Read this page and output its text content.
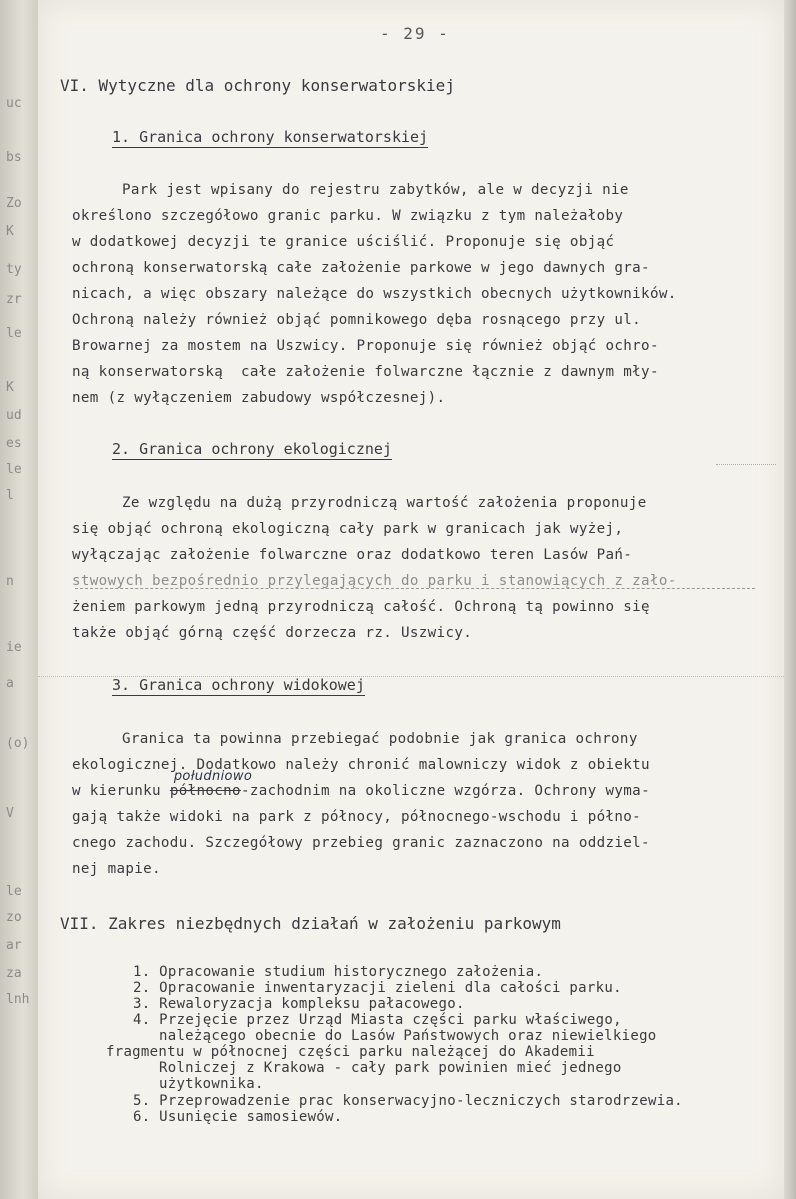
uc
bs
Zo
K
ty
zr
le
K
ud
es
le
l
n
ie
a
(o)
V
le
zo
ar
za
lnh
- 29 -
VI. Wytyczne dla ochrony konserwatorskiej
1. Granica ochrony konserwatorskiej
Park jest wpisany do rejestru zabytków, ale w decyzji nie
określono szczegółowo granic parku. W związku z tym należałoby
w dodatkowej decyzji te granice uściślić. Proponuje się objąć
ochroną konserwatorską całe założenie parkowe w jego dawnych gra-
nicach, a więc obszary należące do wszystkich obecnych użytkowników.
Ochroną należy również objąć pomnikowego dęba rosnącego przy ul.
Browarnej za mostem na Uszwicy. Proponuje się również objąć ochro-
ną konserwatorską  całe założenie folwarczne łącznie z dawnym mły-
nem (z wyłączeniem zabudowy współczesnej).
2. Granica ochrony ekologicznej
Ze względu na dużą przyrodniczą wartość założenia proponuje
się objąć ochroną ekologiczną cały park w granicach jak wyżej,
wyłączając założenie folwarczne oraz dodatkowo teren Lasów Pań-
stwowych bezpośrednio przylegających do parku i stanowiących z zało-
żeniem parkowym jedną przyrodniczą całość. Ochroną tą powinno się
także objąć górną część dorzecza rz. Uszwicy.
3. Granica ochrony widokowej
Granica ta powinna przebiegać podobnie jak granica ochrony
ekologicznej. Dodatkowo należy chronić malowniczy widok z obiektu
w kierunku północno
południowo
-zachodnim na okoliczne wzgórza. Ochrony wyma-
gają także widoki na park z północy, północnego-wschodu i półno-
cnego zachodu. Szczegółowy przebieg granic zaznaczono na oddziel-
nej mapie.
VII. Zakres niezbędnych działań w założeniu parkowym
1. Opracowanie studium historycznego założenia.
2. Opracowanie inwentaryzacji zieleni dla całości parku.
3. Rewaloryzacja kompleksu pałacowego.
4. Przejęcie przez Urząd Miasta części parku właściwego,
należącego obecnie do Lasów Państwowych oraz niewielkiego
fragmentu w północnej części parku należącej do Akademii
Rolniczej z Krakowa - cały park powinien mieć jednego
użytkownika.
5. Przeprowadzenie prac konserwacyjno-leczniczych starodrzewia.
6. Usunięcie samosiewów.
